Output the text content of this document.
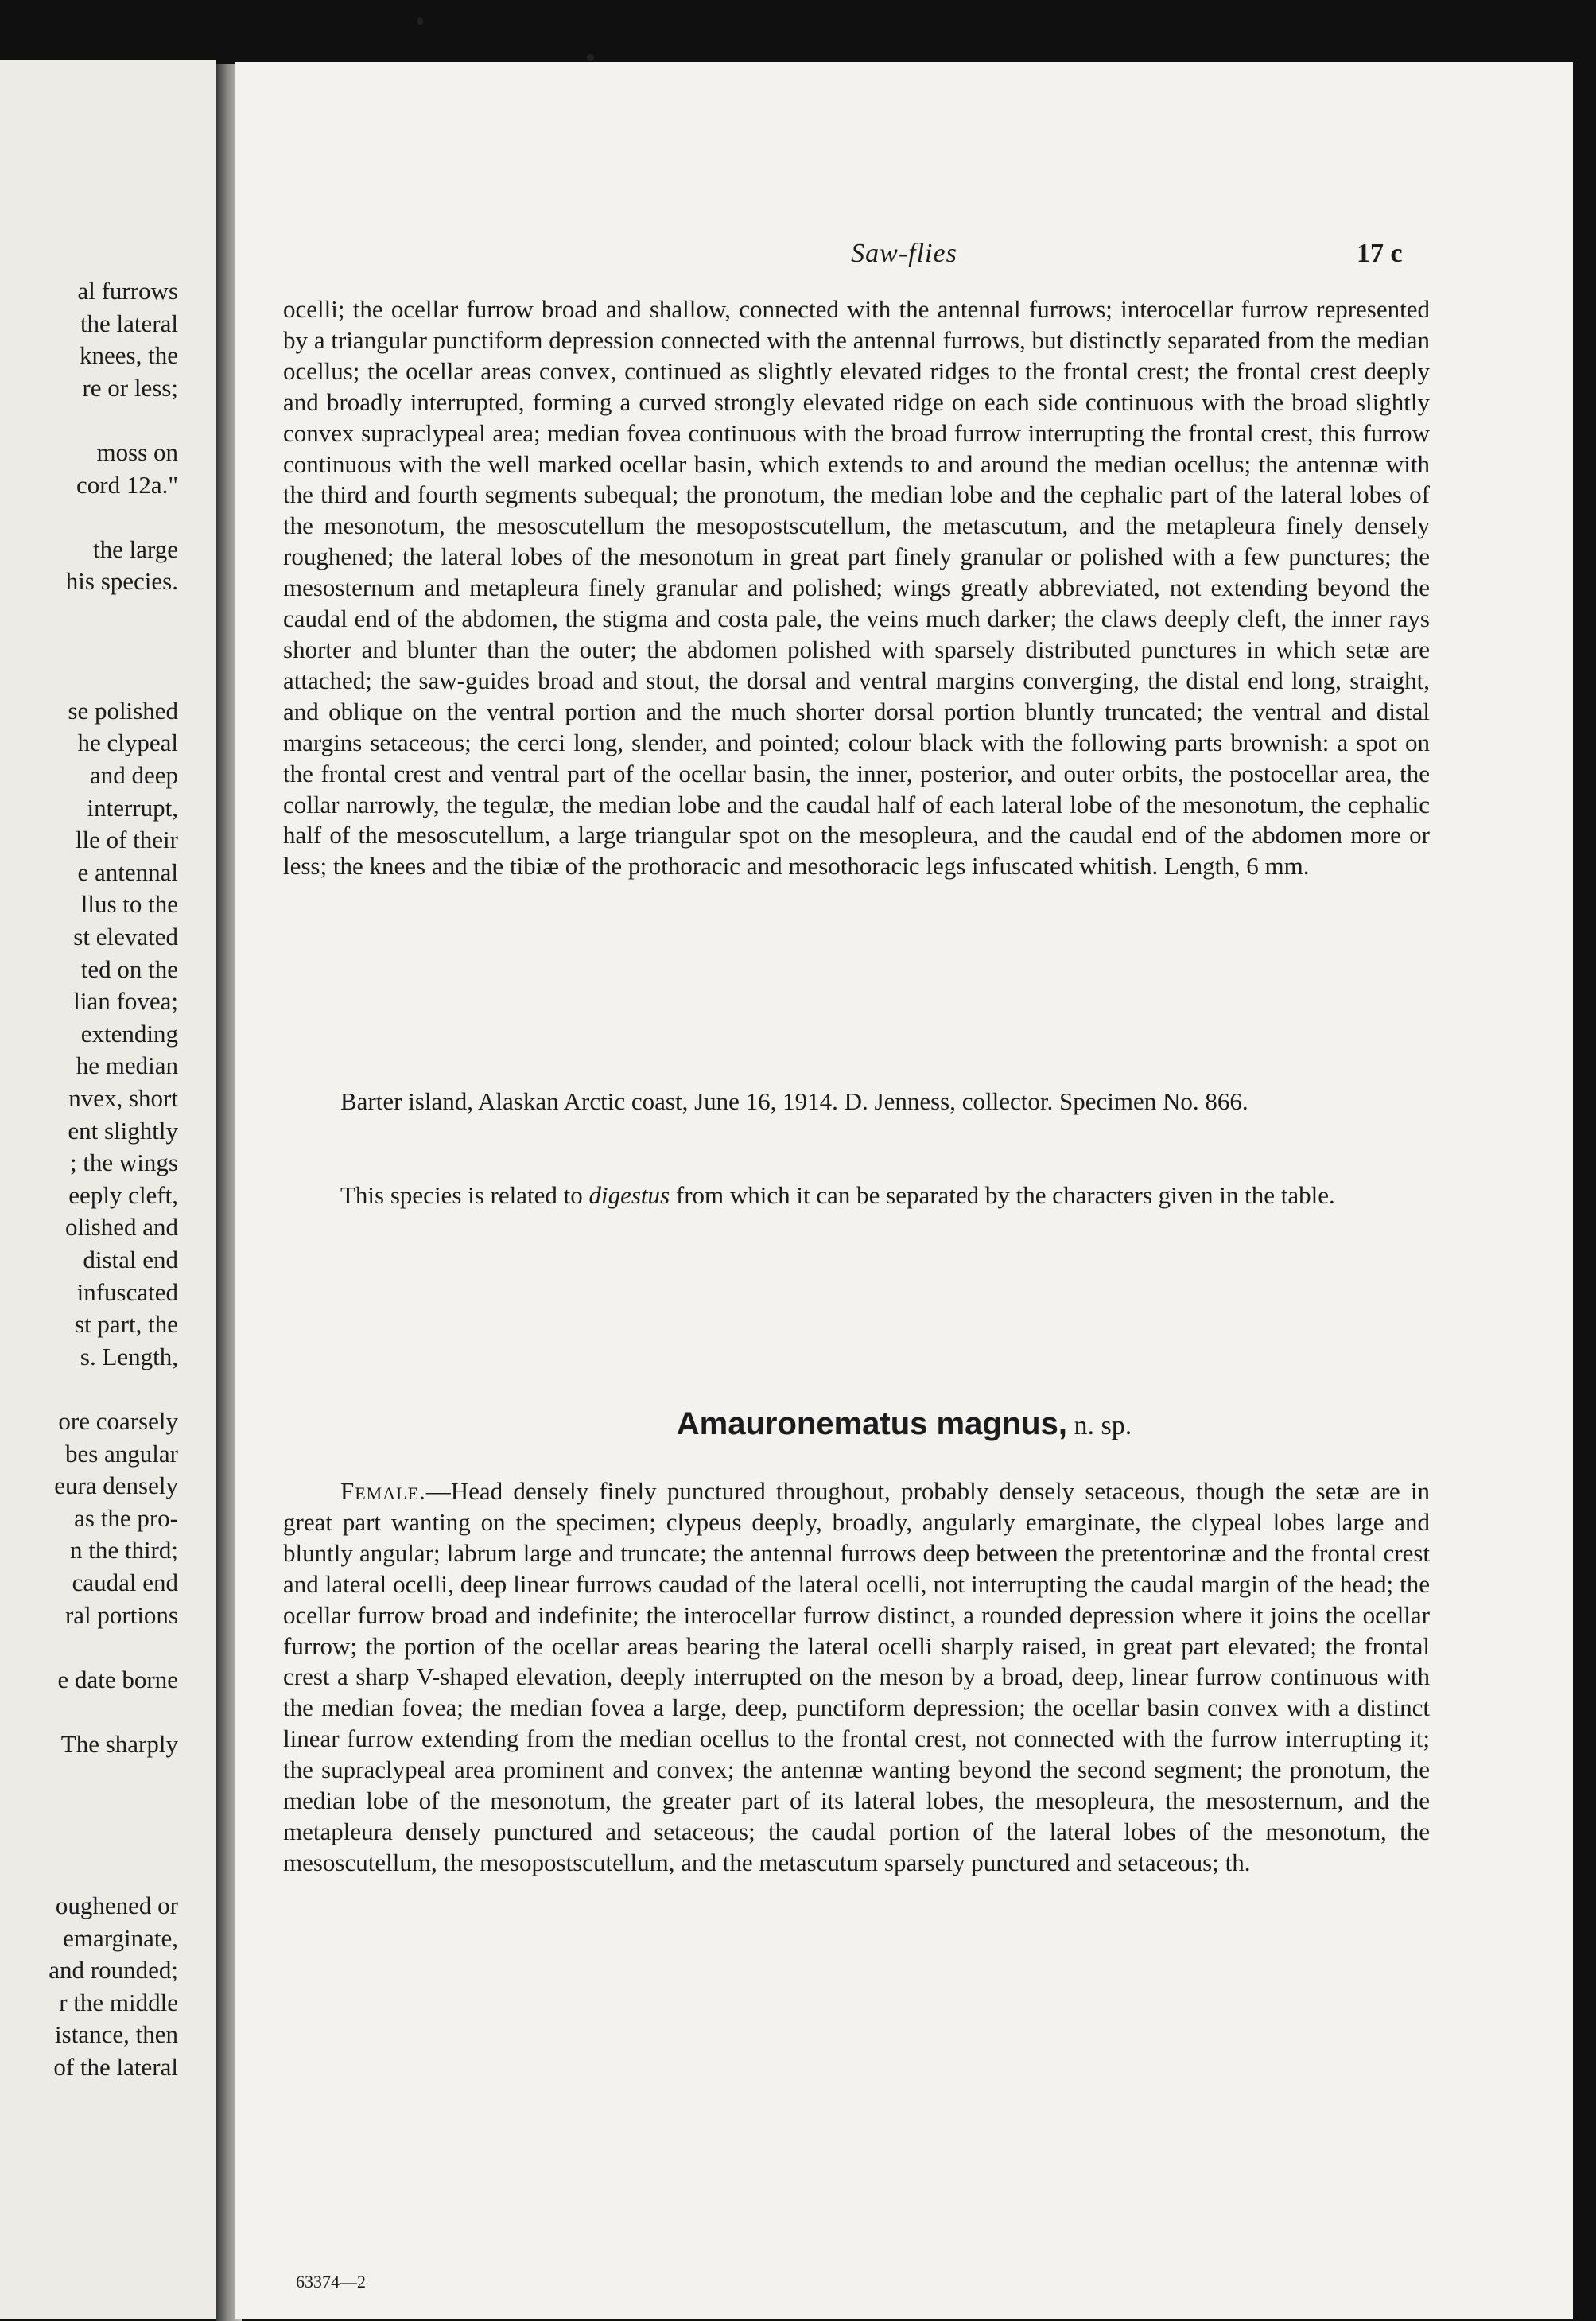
al furrows
the lateral
knees, the
re or less;
moss on
cord 12a."
the large
his species.
se polished
he clypeal
and deep
interrupt,
lle of their
e antennal
llus to the
st elevated
ted on the
lian fovea;
extending
he median
nvex, short
ent slightly
; the wings
eeply cleft,
olished and
distal end
infuscated
st part, the
s. Length,
ore coarsely
bes angular
eura densely
as the pro-
n the third;
caudal end
ral portions
e date borne
The sharply
oughened or
emarginate,
and rounded;
r the middle
istance, then
of the lateral
Saw-flies	17 c

ocelli; the ocellar furrow broad and shallow, connected with the antennal furrows; interocellar furrow represented by a triangular punctiform depression connected with the antennal furrows, but distinctly separated from the median ocellus; the ocellar areas convex, continued as slightly elevated ridges to the frontal crest; the frontal crest deeply and broadly interrupted, forming a curved strongly elevated ridge on each side continuous with the broad slightly convex supraclypeal area; median fovea continuous with the broad furrow interrupting the frontal crest, this furrow continuous with the well marked ocellar basin, which extends to and around the median ocellus; the antennæ with the third and fourth segments subequal; the pronotum, the median lobe and the cephalic part of the lateral lobes of the mesonotum, the mesoscutellum the mesopostscutellum, the metascutum, and the metapleura finely densely roughened; the lateral lobes of the mesonotum in great part finely granular or polished with a few punctures; the mesosternum and metapleura finely granular and polished; wings greatly abbreviated, not extending beyond the caudal end of the abdomen, the stigma and costa pale, the veins much darker; the claws deeply cleft, the inner rays shorter and blunter than the outer; the abdomen polished with sparsely distributed punctures in which setæ are attached; the saw-guides broad and stout, the dorsal and ventral margins converging, the distal end long, straight, and oblique on the ventral portion and the much shorter dorsal portion bluntly truncated; the ventral and distal margins setaceous; the cerci long, slender, and pointed; colour black with the following parts brownish: a spot on the frontal crest and ventral part of the ocellar basin, the inner, posterior, and outer orbits, the postocellar area, the collar narrowly, the tegulæ, the median lobe and the caudal half of each lateral lobe of the mesonotum, the cephalic half of the mesoscutellum, a large triangular spot on the mesopleura, and the caudal end of the abdomen more or less; the knees and the tibiæ of the prothoracic and mesothoracic legs infuscated whitish. Length, 6 mm.

Barter island, Alaskan Arctic coast, June 16, 1914. D. Jenness, collector. Specimen No. 866.

This species is related to digestus from which it can be separated by the characters given in the table.

Amauronematus magnus, n. sp.

Female.—Head densely finely punctured throughout, probably densely setaceous, though the setæ are in great part wanting on the specimen; clypeus deeply, broadly, angularly emarginate, the clypeal lobes large and bluntly angular; labrum large and truncate; the antennal furrows deep between the pretentorinæ and the frontal crest and lateral ocelli, deep linear furrows caudad of the lateral ocelli, not interrupting the caudal margin of the head; the ocellar furrow broad and indefinite; the interocellar furrow distinct, a rounded depression where it joins the ocellar furrow; the portion of the ocellar areas bearing the lateral ocelli sharply raised, in great part elevated; the frontal crest a sharp V-shaped elevation, deeply interrupted on the meson by a broad, deep, linear furrow continuous with the median fovea; the median fovea a large, deep, punctiform depression; the ocellar basin convex with a distinct linear furrow extending from the median ocellus to the frontal crest, not connected with the furrow interrupting it; the supraclypeal area prominent and convex; the antennæ wanting beyond the second segment; the pronotum, the median lobe of the mesonotum, the greater part of its lateral lobes, the mesopleura, the mesosternum, and the metapleura densely punctured and setaceous; the caudal portion of the lateral lobes of the mesonotum, the mesoscutellum, the mesopostscutellum, and the metascutum sparsely punctured and setaceous; th.

63374—2
